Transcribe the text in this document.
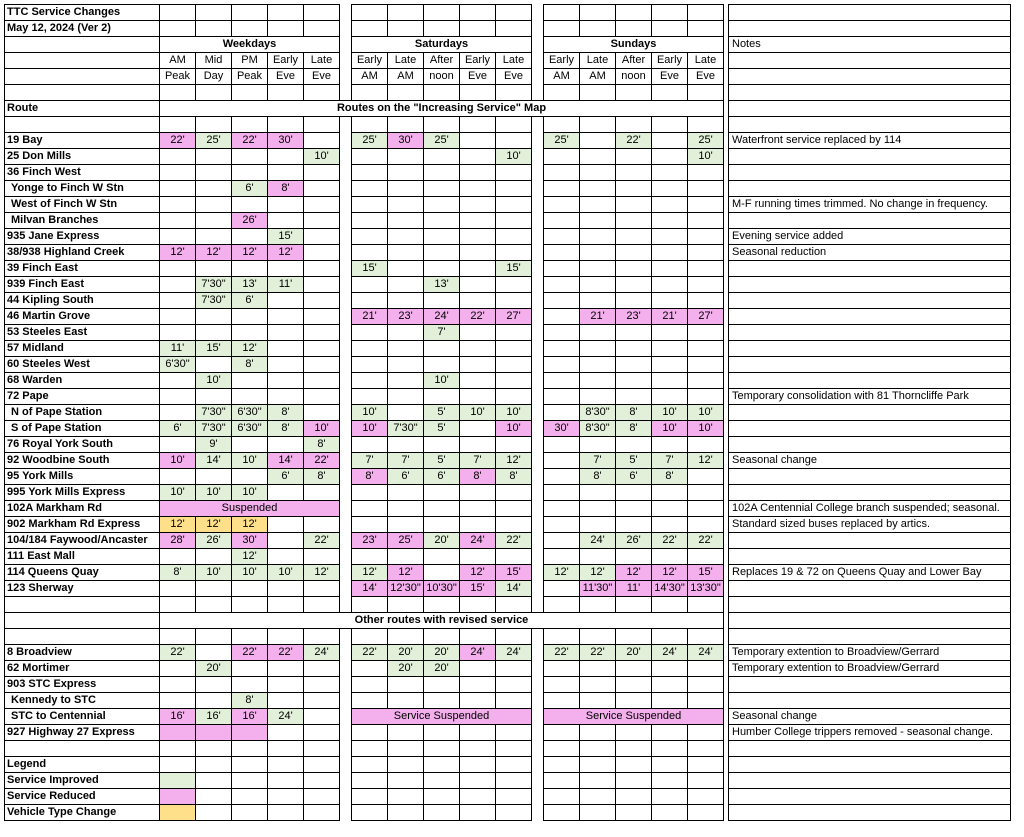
TTC Service Changes																			
May 12, 2024 (Ver 2)																			
	Weekdays						Saturdays						Sundays						Notes
	AM	Mid	PM	Early	Late		Early	Late	After	Early	Late		Early	Late	After	Early	Late		
	Peak	Day	Peak	Eve	Eve		AM	AM	noon	Eve	Eve		AM	AM	noon	Eve	Eve		

Route	Routes on the "Increasing Service" Map																		

19 Bay	22'	25'	22'	30'			25'	30'	25'				25'		22'		25'		Waterfront service replaced by 114
25 Don Mills					10'						10'						10'		
36 Finch West																			
Yonge to Finch W Stn			6'	8'															
West of Finch W Stn																			M-F running times trimmed. No change in frequency.
Milvan Branches			26'																
935 Jane Express				15'															Evening service added
38/938 Highland Creek	12'	12'	12'	12'															Seasonal reduction
39 Finch East							15'				15'								
939 Finch East		7'30"	13'	11'					13'										
44 Kipling South		7'30"	6'																
46 Martin Grove							21'	23'	24'	22'	27'			21'	23'	21'	27'		
53 Steeles East									7'										
57 Midland	11'	15'	12'																
60 Steeles West	6'30"		8'																
68 Warden		10'							10'										
72 Pape																			Temporary consolidation with 81 Thorncliffe Park
N of Pape Station		7'30"	6'30"	8'			10'		5'	10'	10'			8'30"	8'	10'	10'		
S of Pape Station	6'	7'30"	6'30"	8'	10'		10'	7'30"	5'		10'		30'	8'30"	8'	10'	10'		
76 Royal York South		9'			8'														
92 Woodbine South	10'	14'	10'	14'	22'		7'	7'	5'	7'	12'			7'	5'	7'	12'		Seasonal change
95 York Mills				6'	8'		8'	6'	6'	8'	8'			8'	6'	8'			
995 York Mills Express	10'	10'	10'																
102A Markham Rd	Suspended																		102A Centennial College branch suspended; seasonal.
902 Markham Rd Express	12'	12'	12'																Standard sized buses replaced by artics.
104/184 Faywood/Ancaster	28'	26'	30'		22'		23'	25'	20'	24'	22'			24'	26'	22'	22'		
111 East Mall			12'																
114 Queens Quay	8'	10'	10'	10'	12'		12'	12'		12'	15'		12'	12'	12'	12'	15'		Replaces 19 & 72 on Queens Quay and Lower Bay
123 Sherway							14'	12'30"	10'30"	15'	14'			11'30"	11'	14'30"	13'30"		

	Other routes with revised service																		

8 Broadview	22'		22'	22'	24'		22'	20'	20'	24'	24'		22'	22'	20'	24'	24'		Temporary extention to Broadview/Gerrard
62 Mortimer		20'						20'	20'										Temporary extention to Broadview/Gerrard
903 STC Express																			
Kennedy to STC			8'																
STC to Centennial	16'	16'	16'	24'			Service Suspended						Service Suspended						Seasonal change
927 Highway 27 Express																			Humber College trippers removed - seasonal change.

Legend																			
Service Improved																			
Service Reduced																			
Vehicle Type Change																			
